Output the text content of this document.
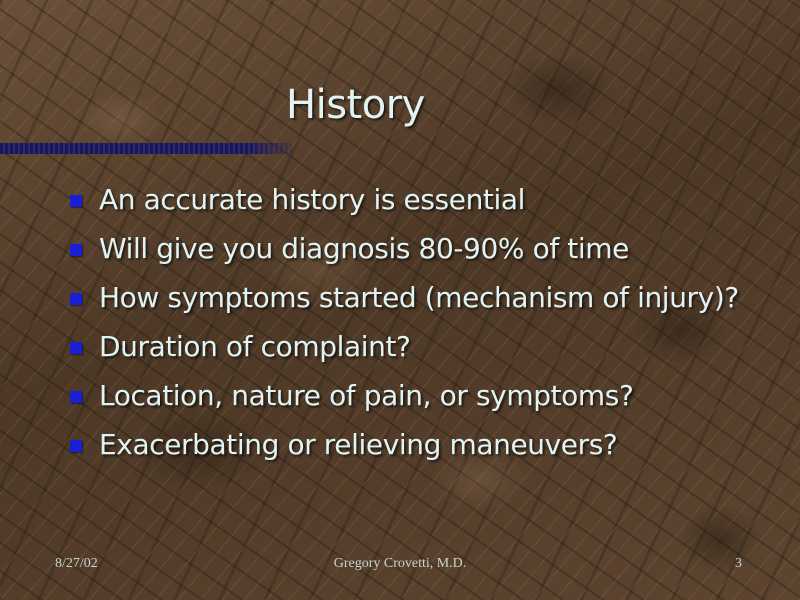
History
An accurate history is essential
Will give you diagnosis 80-90% of time
How symptoms started (mechanism of injury)?
Duration of complaint?
Location, nature of pain, or symptoms?
Exacerbating or relieving maneuvers?
8/27/02	Gregory Crovetti, M.D.	3
